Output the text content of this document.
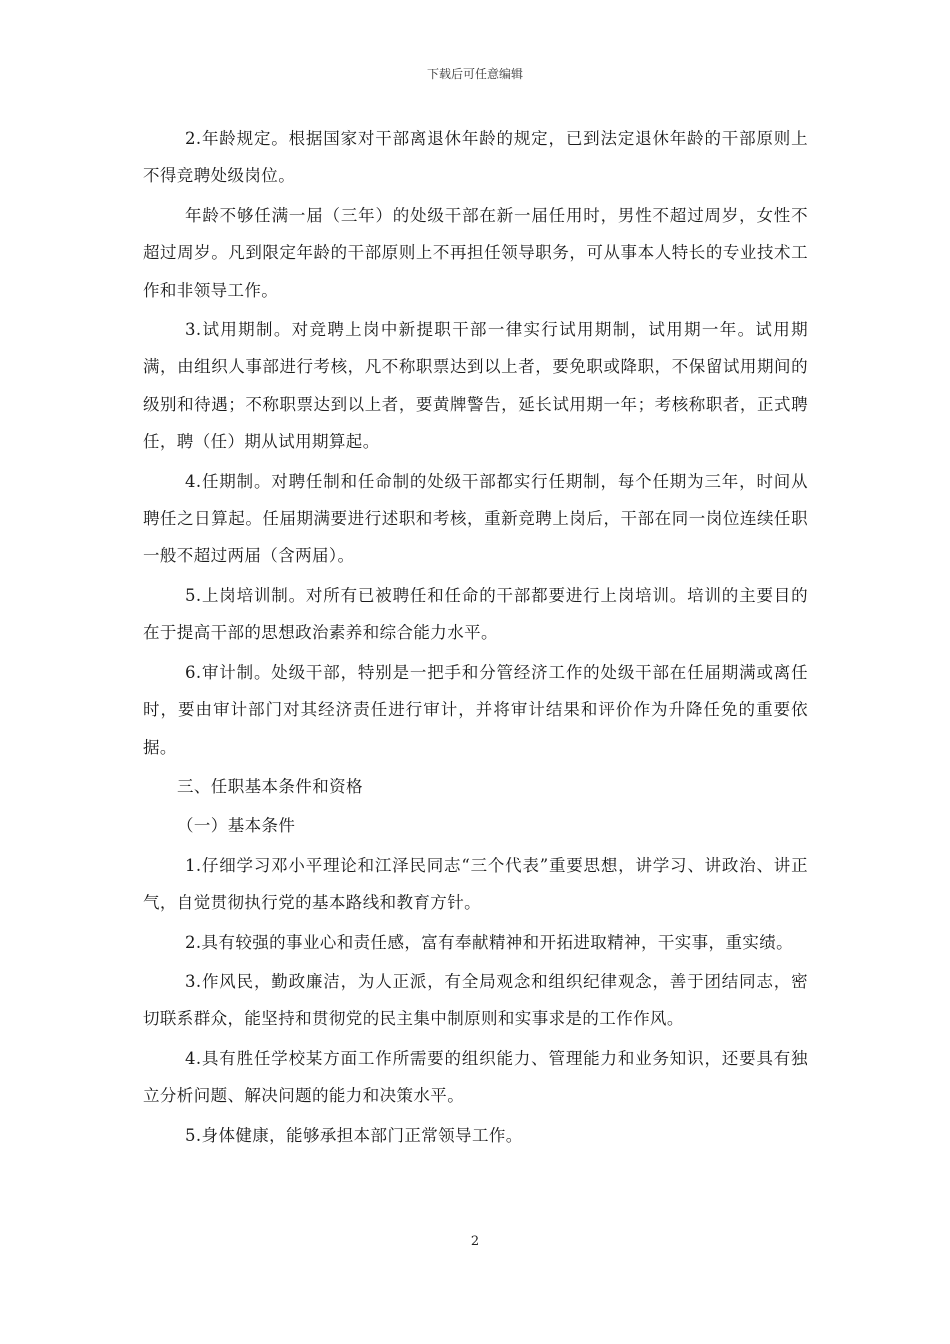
下载后可任意编辑

2.年龄规定。根据国家对干部离退休年龄的规定，已到法定退休年龄的干部原则上不得竞聘处级岗位。

年龄不够任满一届（三年）的处级干部在新一届任用时，男性不超过周岁，女性不超过周岁。凡到限定年龄的干部原则上不再担任领导职务，可从事本人特长的专业技术工作和非领导工作。

3.试用期制。对竞聘上岗中新提职干部一律实行试用期制，试用期一年。试用期满，由组织人事部进行考核，凡不称职票达到以上者，要免职或降职，不保留试用期间的级别和待遇；不称职票达到以上者，要黄牌警告，延长试用期一年；考核称职者，正式聘任，聘（任）期从试用期算起。

4.任期制。对聘任制和任命制的处级干部都实行任期制，每个任期为三年，时间从聘任之日算起。任届期满要进行述职和考核，重新竞聘上岗后，干部在同一岗位连续任职一般不超过两届（含两届）。

5.上岗培训制。对所有已被聘任和任命的干部都要进行上岗培训。培训的主要目的在于提高干部的思想政治素养和综合能力水平。

6.审计制。处级干部，特别是一把手和分管经济工作的处级干部在任届期满或离任时，要由审计部门对其经济责任进行审计，并将审计结果和评价作为升降任免的重要依据。

三、任职基本条件和资格

（一）基本条件

1.仔细学习邓小平理论和江泽民同志“三个代表”重要思想，讲学习、讲政治、讲正气，自觉贯彻执行党的基本路线和教育方针。

2.具有较强的事业心和责任感，富有奉献精神和开拓进取精神，干实事，重实绩。

3.作风民，勤政廉洁，为人正派，有全局观念和组织纪律观念，善于团结同志，密切联系群众，能坚持和贯彻党的民主集中制原则和实事求是的工作作风。

4.具有胜任学校某方面工作所需要的组织能力、管理能力和业务知识，还要具有独立分析问题、解决问题的能力和决策水平。

5.身体健康，能够承担本部门正常领导工作。

2
